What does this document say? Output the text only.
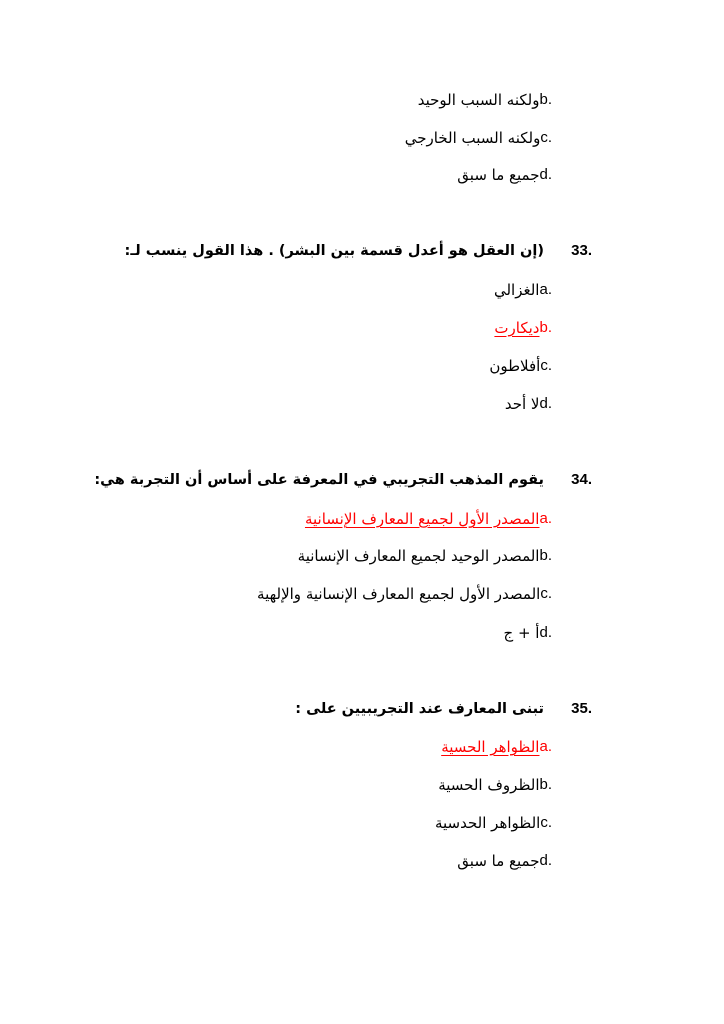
b.
ولكنه السبب الوحيد
c.
ولكنه السبب الخارجي
d.
جميع ما سبق
33.
(إن العقل هو أعدل قسمة بين البشر) . هذا القول ينسب لـ:
a.
الغزالي
b.
ديكارت
c.
أفلاطون
d.
لا أحد
34.
يقوم المذهب التجريبي في المعرفة على أساس أن التجربة هي:
a.
المصدر الأول لجميع المعارف الإنسانية
b.
المصدر الوحيد لجميع المعارف الإنسانية
c.
المصدر الأول لجميع المعارف الإنسانية والإلهية
d.
أ + ج
35.
تبنى المعارف عند التجريبيين على :
a.
الظواهر الحسية
b.
الظروف الحسية
c.
الظواهر الحدسية
d.
جميع ما سبق
